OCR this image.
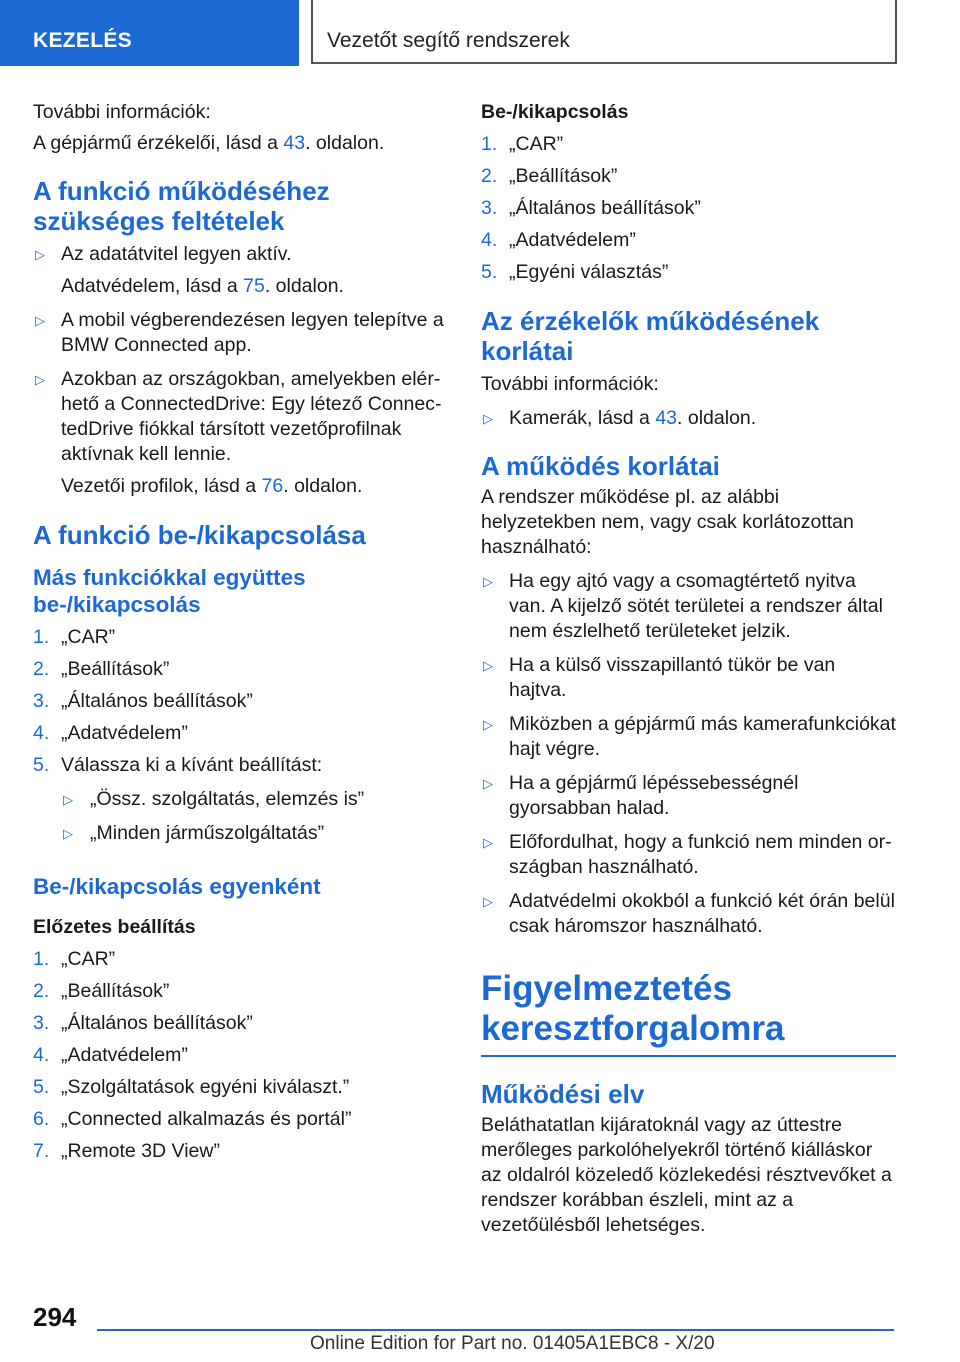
KEZELÉS	Vezetőt segítő rendszerek

További információk:

A gépjármű érzékelői, lásd a 43. oldalon.

A funkció működéséhez szükséges feltételek
▷ Az adatátvitel legyen aktív.
Adatvédelem, lásd a 75. oldalon.
▷ A mobil végberendezésen legyen telepítve a BMW Connected app.
▷ Azokban az országokban, amelyekben elérhető a ConnectedDrive: Egy létező ConnectedDrive fiókkal társított vezetőprofilnak aktívnak kell lennie.
Vezetői profilok, lásd a 76. oldalon.
A funkció be-/kikapcsolása
Más funkciókkal együttes be-/kikapcsolás
1. „CAR”
2. „Beállítások”
3. „Általános beállítások”
4. „Adatvédelem”
5. Válassza ki a kívánt beállítást:
▷ „Össz. szolgáltatás, elemzés is”
▷ „Minden járműszolgáltatás”
Be-/kikapcsolás egyenként
Előzetes beállítás
1. „CAR”
2. „Beállítások”
3. „Általános beállítások”
4. „Adatvédelem”
5. „Szolgáltatások egyéni kiválaszt.”
6. „Connected alkalmazás és portál”
7. „Remote 3D View”
Be-/kikapcsolás
1. „CAR”
2. „Beállítások”
3. „Általános beállítások”
4. „Adatvédelem”
5. „Egyéni választás”
Az érzékelők működésének korlátai

További információk:

▷ Kamerák, lásd a 43. oldalon.
A működés korlátai

A rendszer működése pl. az alábbi helyzetekben nem, vagy csak korlátozottan használható:

▷ Ha egy ajtó vagy a csomagtértető nyitva van. A kijelző sötét területei a rendszer által nem észlelhető területeket jelzik.
▷ Ha a külső visszapillantó tükör be van hajtva.
▷ Miközben a gépjármű más kamerafunkciókat hajt végre.
▷ Ha a gépjármű lépéssebességnél gyorsabban halad.
▷ Előfordulhat, hogy a funkció nem minden országban használható.
▷ Adatvédelmi okokból a funkció két órán belül csak háromszor használható.
Figyelmeztetés keresztforgalomra
Működési elv

Beláthatatlan kijáratoknál vagy az úttestre merőleges parkolóhelyekről történő kiálláskor az oldalról közeledő közlekedési résztvevőket a rendszer korábban észleli, mint az a vezetőülésből lehetséges.

294
Online Edition for Part no. 01405A1EBC8 - X/20
